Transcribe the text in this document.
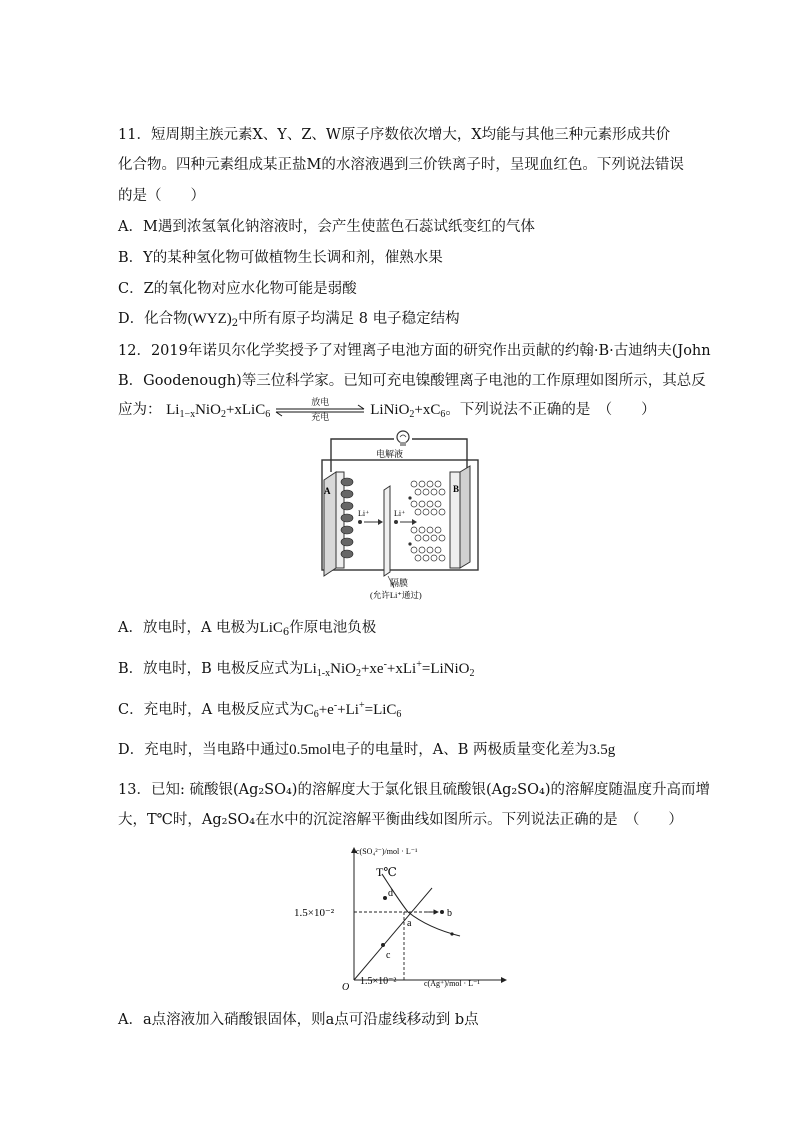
11．短周期主族元素X、Y、Z、W原子序数依次增大，X均能与其他三种元素形成共价
化合物。四种元素组成某正盐M的水溶液遇到三价铁离子时，呈现血红色。下列说法错误
的是（　　）
A．M遇到浓氢氧化钠溶液时，会产生使蓝色石蕊试纸变红的气体
B．Y的某种氢化物可做植物生长调和剂，催熟水果
C．Z的氧化物对应水化物可能是弱酸
D．化合物$(WYZ)_2$中所有原子均满足 8 电子稳定结构
12．2019年诺贝尔化学奖授予了对锂离子电池方面的研究作出贡献的约翰·B·古迪纳夫(John
B．Goodenough)等三位科学家。已知可充电镍酸锂离子电池的工作原理如图所示，其总反
应为： $Li_{1-x}NiO_2+xLiC_6$
放电
充电	$LiNiO_2+xC_6$。下列说法不正确的是　（　　）
A	B
电解液
Li⁺	Li⁺
隔膜
(允许Li⁺通过)
A．放电时，A 电极为LiC$_6$作原电池负极
B．放电时，B 电极反应式为$Li_{1-x}NiO_2+xe^-+xLi^+=LiNiO_2$
C．充电时，A 电极反应式为$C_6+e^-+Li^+=LiC_6$
D．充电时，当电路中通过0.5mol电子的电量时，A、B 两极质量变化差为3.5g
13．已知: 硫酸银(Ag₂SO₄)的溶解度大于氯化银且硫酸银(Ag₂SO₄)的溶解度随温度升高而增
大，T℃时，Ag₂SO₄在水中的沉淀溶解平衡曲线如图所示。下列说法正确的是　（　　）
c(SO₄²⁻)/mol · L⁻¹
c(Ag⁺)/mol · L⁻¹
O
d
b
a
c
T℃
1.5×10⁻²
1.5×10⁻²
A．a点溶液加入硝酸银固体，则a点可沿虚线移动到 b点
